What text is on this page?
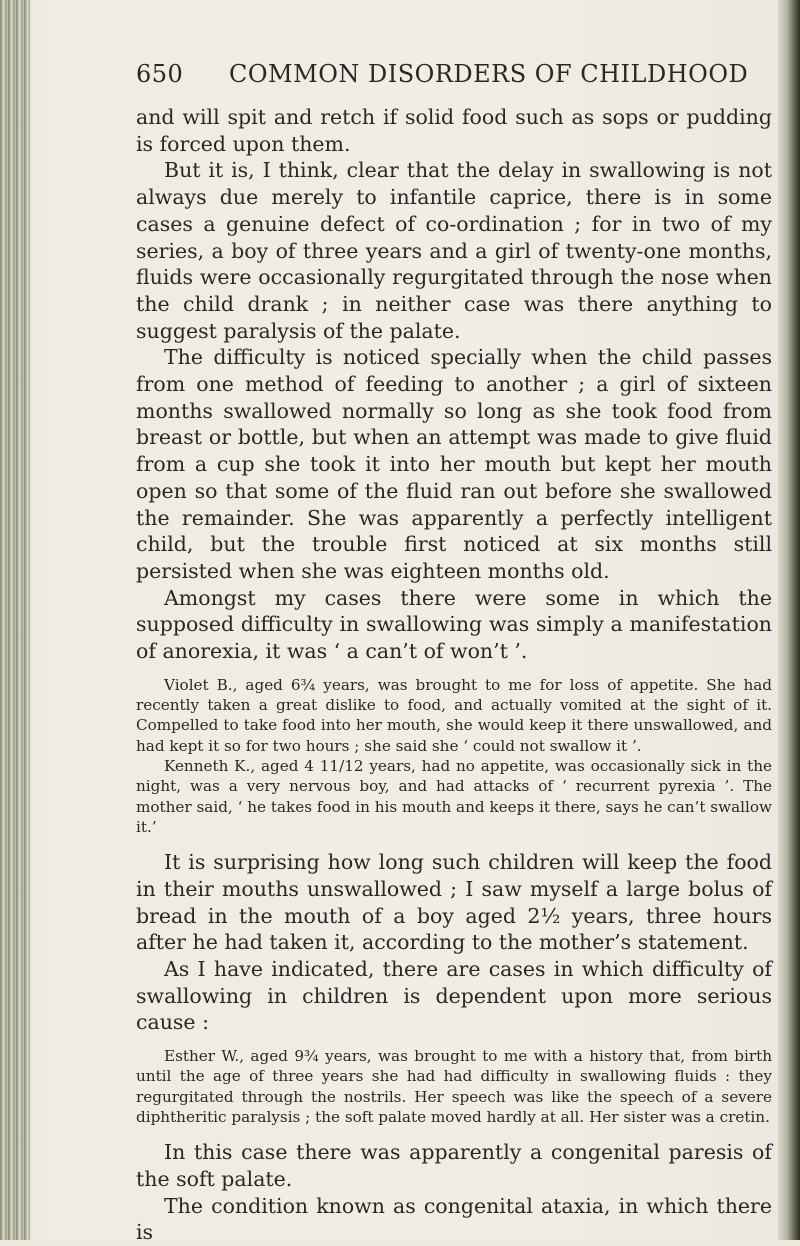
650 COMMON DISORDERS OF CHILDHOOD

and will spit and retch if solid food such as sops or pudding is forced upon them.

But it is, I think, clear that the delay in swallowing is not always due merely to infantile caprice, there is in some cases a genuine defect of co-ordination ; for in two of my series, a boy of three years and a girl of twenty-one months, fluids were occasionally regurgitated through the nose when the child drank ; in neither case was there anything to suggest paralysis of the palate.

The difficulty is noticed specially when the child passes from one method of feeding to another ; a girl of sixteen months swallowed normally so long as she took food from breast or bottle, but when an attempt was made to give fluid from a cup she took it into her mouth but kept her mouth open so that some of the fluid ran out before she swallowed the remainder. She was apparently a perfectly intelligent child, but the trouble first noticed at six months still persisted when she was eighteen months old.

Amongst my cases there were some in which the supposed difficulty in swallowing was simply a manifestation of anorexia, it was ‘ a can’t of won’t ’.

Violet B., aged 6¾ years, was brought to me for loss of appetite. She had recently taken a great dislike to food, and actually vomited at the sight of it. Compelled to take food into her mouth, she would keep it there unswallowed, and had kept it so for two hours ; she said she ‘ could not swallow it ’.

Kenneth K., aged 4 11/12 years, had no appetite, was occasionally sick in the night, was a very nervous boy, and had attacks of ‘ recurrent pyrexia ’. The mother said, ‘ he takes food in his mouth and keeps it there, says he can’t swallow it.’

It is surprising how long such children will keep the food in their mouths unswallowed ; I saw myself a large bolus of bread in the mouth of a boy aged 2½ years, three hours after he had taken it, according to the mother’s statement.

As I have indicated, there are cases in which difficulty of swallowing in children is dependent upon more serious cause :

Esther W., aged 9¾ years, was brought to me with a history that, from birth until the age of three years she had had difficulty in swallowing fluids : they regurgitated through the nostrils. Her speech was like the speech of a severe diphtheritic paralysis ; the soft palate moved hardly at all. Her sister was a cretin.

In this case there was apparently a congenital paresis of the soft palate.

The condition known as congenital ataxia, in which there is
